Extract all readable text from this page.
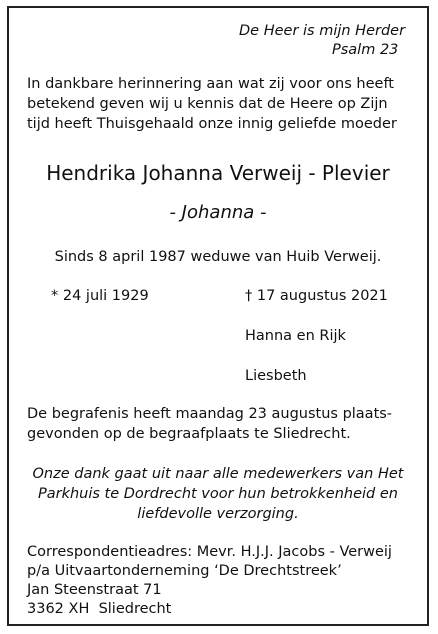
De Heer is mijn Herder
Psalm 23
In dankbare herinnering aan wat zij voor ons heeft
betekend geven wij u kennis dat de Heere op Zijn
tijd heeft Thuisgehaald onze innig geliefde moeder
Hendrika Johanna Verweij - Plevier
- Johanna -
Sinds 8 april 1987 weduwe van Huib Verweij.
* 24 juli 1929	† 17 augustus 2021
Hanna en Rijk
Liesbeth
De begrafenis heeft maandag 23 augustus plaats-
gevonden op de begraafplaats te Sliedrecht.
Onze dank gaat uit naar alle medewerkers van Het
Parkhuis te Dordrecht voor hun betrokkenheid en
liefdevolle verzorging.
Correspondentieadres: Mevr. H.J.J. Jacobs - Verweij
p/a Uitvaartonderneming ‘De Drechtstreek’
Jan Steenstraat 71
3362 XH  Sliedrecht
